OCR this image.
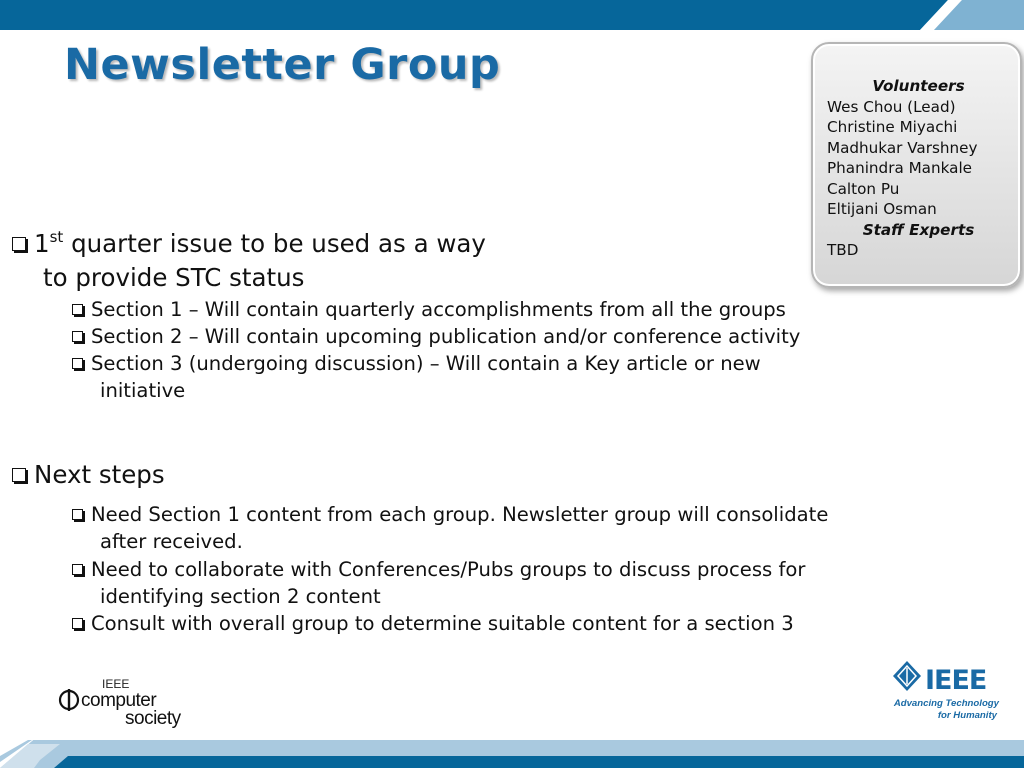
Newsletter Group	Volunteers
Wes Chou (Lead)
Christine Miyachi
Madhukar Varshney
Phanindra Mankale
Calton Pu
Eltijani Osman
Staff Experts
TBD
1st quarter issue to be used as a way
to provide STC status
Section 1 – Will contain quarterly accomplishments from all the groups
Section 2 – Will contain upcoming publication and/or conference activity
Section 3 (undergoing discussion) – Will contain a Key article or new
initiative
Next steps
Need Section 1 content from each group. Newsletter group will consolidate
after received.
Need to collaborate with Conferences/Pubs groups to discuss process for
identifying section 2 content
Consult with overall group to determine suitable content for a section 3
IEEE
computer
society
IEEE
Advancing Technology
for Humanity
